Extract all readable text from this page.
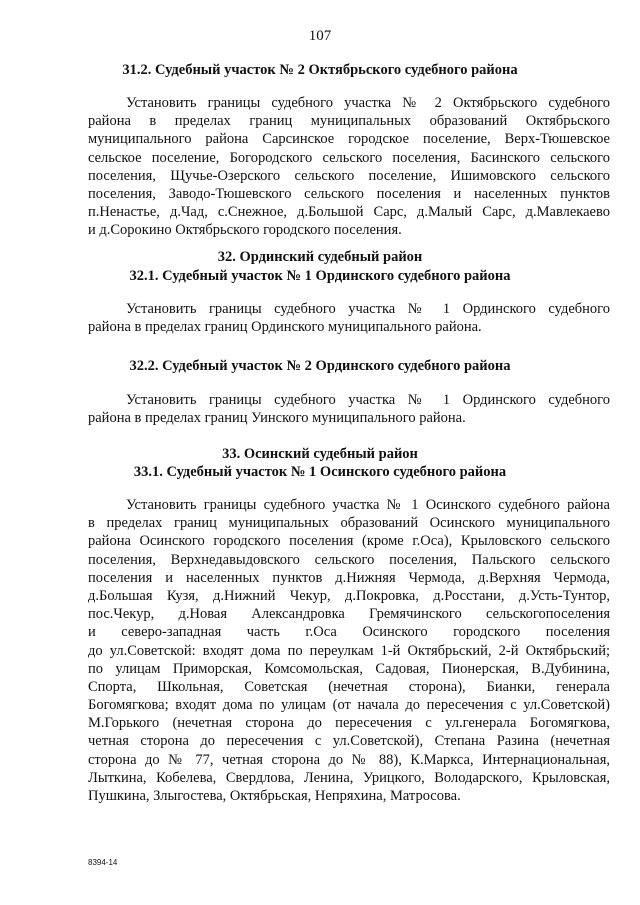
107
31.2. Судебный участок № 2 Октябрьского судебного района
Установить границы судебного участка № 2 Октябрьского судебного
района в пределах границ муниципальных образований Октябрьского
муниципального района Сарсинское городское поселение, Верх-Тюшевское
сельское поселение, Богородского сельского поселения, Басинского сельского
поселения, Щучье-Озерского сельского поселение, Ишимовского сельского
поселения, Заводо-Тюшевского сельского поселения и населенных пунктов
п.Ненастье, д.Чад, с.Снежное, д.Большой Сарс, д.Малый Сарс, д.Мавлекаево
и д.Сорокино Октябрьского городского поселения.
32. Ординский судебный район
32.1. Судебный участок № 1 Ординского судебного района
Установить границы судебного участка № 1 Ординского судебного
района в пределах границ Ординского муниципального района.
32.2. Судебный участок № 2 Ординского судебного района
Установить границы судебного участка № 1 Ординского судебного
района в пределах границ Уинского муниципального района.
33. Осинский судебный район
33.1. Судебный участок № 1 Осинского судебного района
Установить границы судебного участка № 1 Осинского судебного района
в пределах границ муниципальных образований Осинского муниципального
района Осинского городского поселения (кроме г.Оса), Крыловского сельского
поселения, Верхнедавыдовского сельского поселения, Пальского сельского
поселения и населенных пунктов д.Нижняя Чермода, д.Верхняя Чермода,
д.Большая Кузя, д.Нижний Чекур, д.Покровка, д.Росстани, д.Усть-Тунтор,
пос.Чекур, д.Новая Александровка Гремячинского сельскогопоселения
и северо-западная часть г.Оса Осинского городского поселения
до ул.Советской: входят дома по переулкам 1-й Октябрьский, 2-й Октябрьский;
по улицам Приморская, Комсомольская, Садовая, Пионерская, В.Дубинина,
Спорта, Школьная, Советская (нечетная сторона), Бианки, генерала
Богомягкова; входят дома по улицам (от начала до пересечения с ул.Советской)
М.Горького (нечетная сторона до пересечения с ул.генерала Богомягкова,
четная сторона до пересечения с ул.Советской), Степана Разина (нечетная
сторона до № 77, четная сторона до № 88), К.Маркса, Интернациональная,
Лыткина, Кобелева, Свердлова, Ленина, Урицкого, Володарского, Крыловская,
Пушкина, Злыгостева, Октябрьская, Непряхина, Матросова.
8394-14
